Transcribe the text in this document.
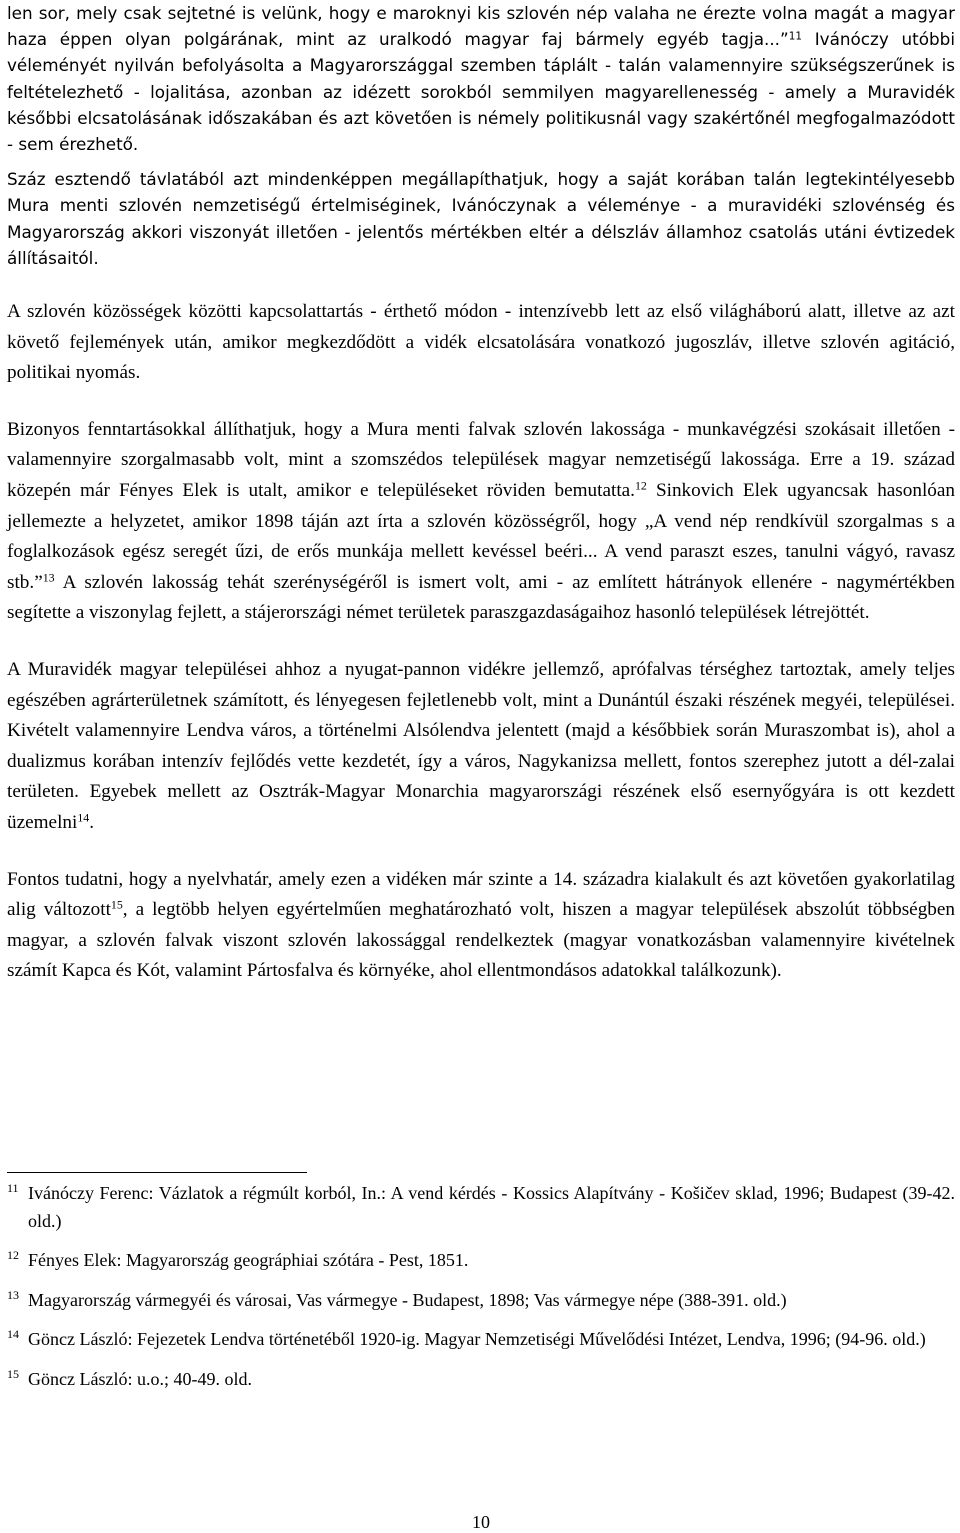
len sor, mely csak sejtetné is velünk, hogy e maroknyi kis szlovén nép valaha ne érezte volna magát a magyar haza éppen olyan polgárának, mint az uralkodó magyar faj bármely egyéb tagja...”$^{11}$ Ivánóczy utóbbi véleményét nyilván befolyásolta a Magyarországgal szemben táplált - talán valamennyire szükségszerűnek is feltételezhető - lojalitása, azonban az idézett sorokból semmilyen magyarellenesség - amely a Muravidék későbbi elcsatolásának időszakában és azt követően is némely politikusnál vagy szakértőnél megfogalmazódott - sem érezhető.

Száz esztendő távlatából azt mindenképpen megállapíthatjuk, hogy a saját korában talán legtekintélyesebb Mura menti szlovén nemzetiségű értelmiséginek, Ivánóczynak a véleménye - a muravidéki szlovénség és Magyarország akkori viszonyát illetően - jelentős mértékben eltér a délszláv államhoz csatolás utáni évtizedek állításaitól.

A szlovén közösségek közötti kapcsolattartás - érthető módon - intenzívebb lett az első világháború alatt, illetve az azt követő fejlemények után, amikor megkezdődött a vidék elcsatolására vonatkozó jugoszláv, illetve szlovén agitáció, politikai nyomás.

Bizonyos fenntartásokkal állíthatjuk, hogy a Mura menti falvak szlovén lakossága - munkavégzési szokásait illetően - valamennyire szorgalmasabb volt, mint a szomszédos települések magyar nemzetiségű lakossága. Erre a 19. század közepén már Fényes Elek is utalt, amikor e településeket röviden bemutatta.$^{12}$ Sinkovich Elek ugyancsak hasonlóan jellemezte a helyzetet, amikor 1898 táján azt írta a szlovén közösségről, hogy „A vend nép rendkívül szorgalmas s a foglalkozások egész seregét űzi, de erős munkája mellett kevéssel beéri... A vend paraszt eszes, tanulni vágyó, ravasz stb.”$^{13}$ A szlovén lakosság tehát szerénységéről is ismert volt, ami - az említett hátrányok ellenére - nagymértékben segítette a viszonylag fejlett, a stájerországi német területek paraszgazdaságaihoz hasonló települések létrejöttét.

A Muravidék magyar települései ahhoz a nyugat-pannon vidékre jellemző, aprófalvas térséghez tartoztak, amely teljes egészében agrárterületnek számított, és lényegesen fejletlenebb volt, mint a Dunántúl északi részének megyéi, települései. Kivételt valamennyire Lendva város, a történelmi Alsólendva jelentett (majd a későbbiek során Muraszombat is), ahol a dualizmus korában intenzív fejlődés vette kezdetét, így a város, Nagykanizsa mellett, fontos szerephez jutott a dél-zalai területen. Egyebek mellett az Osztrák-Magyar Monarchia magyarországi részének első esernyőgyára is ott kezdett üzemelni$^{14}$.

Fontos tudatni, hogy a nyelvhatár, amely ezen a vidéken már szinte a 14. századra kialakult és azt követően gyakorlatilag alig változott$^{15}$, a legtöbb helyen egyértelműen meghatározható volt, hiszen a magyar települések abszolút többségben magyar, a szlovén falvak viszont szlovén lakossággal rendelkeztek (magyar vonatkozásban valamennyire kivételnek számít Kapca és Kót, valamint Pártosfalva és környéke, ahol ellentmondásos adatokkal találkozunk).

11 Ivánóczy Ferenc: Vázlatok a régmúlt korból, In.: A vend kérdés - Kossics Alapítvány - Košičev sklad, 1996; Budapest (39-42. old.)
12 Fényes Elek: Magyarország geográphiai szótára - Pest, 1851.
13 Magyarország vármegyéi és városai, Vas vármegye - Budapest, 1898; Vas vármegye népe (388-391. old.)
14 Göncz László: Fejezetek Lendva történetéből 1920-ig. Magyar Nemzetiségi Művelődési Intézet, Lendva, 1996; (94-96. old.)
15 Göncz László: u.o.; 40-49. old.
10
